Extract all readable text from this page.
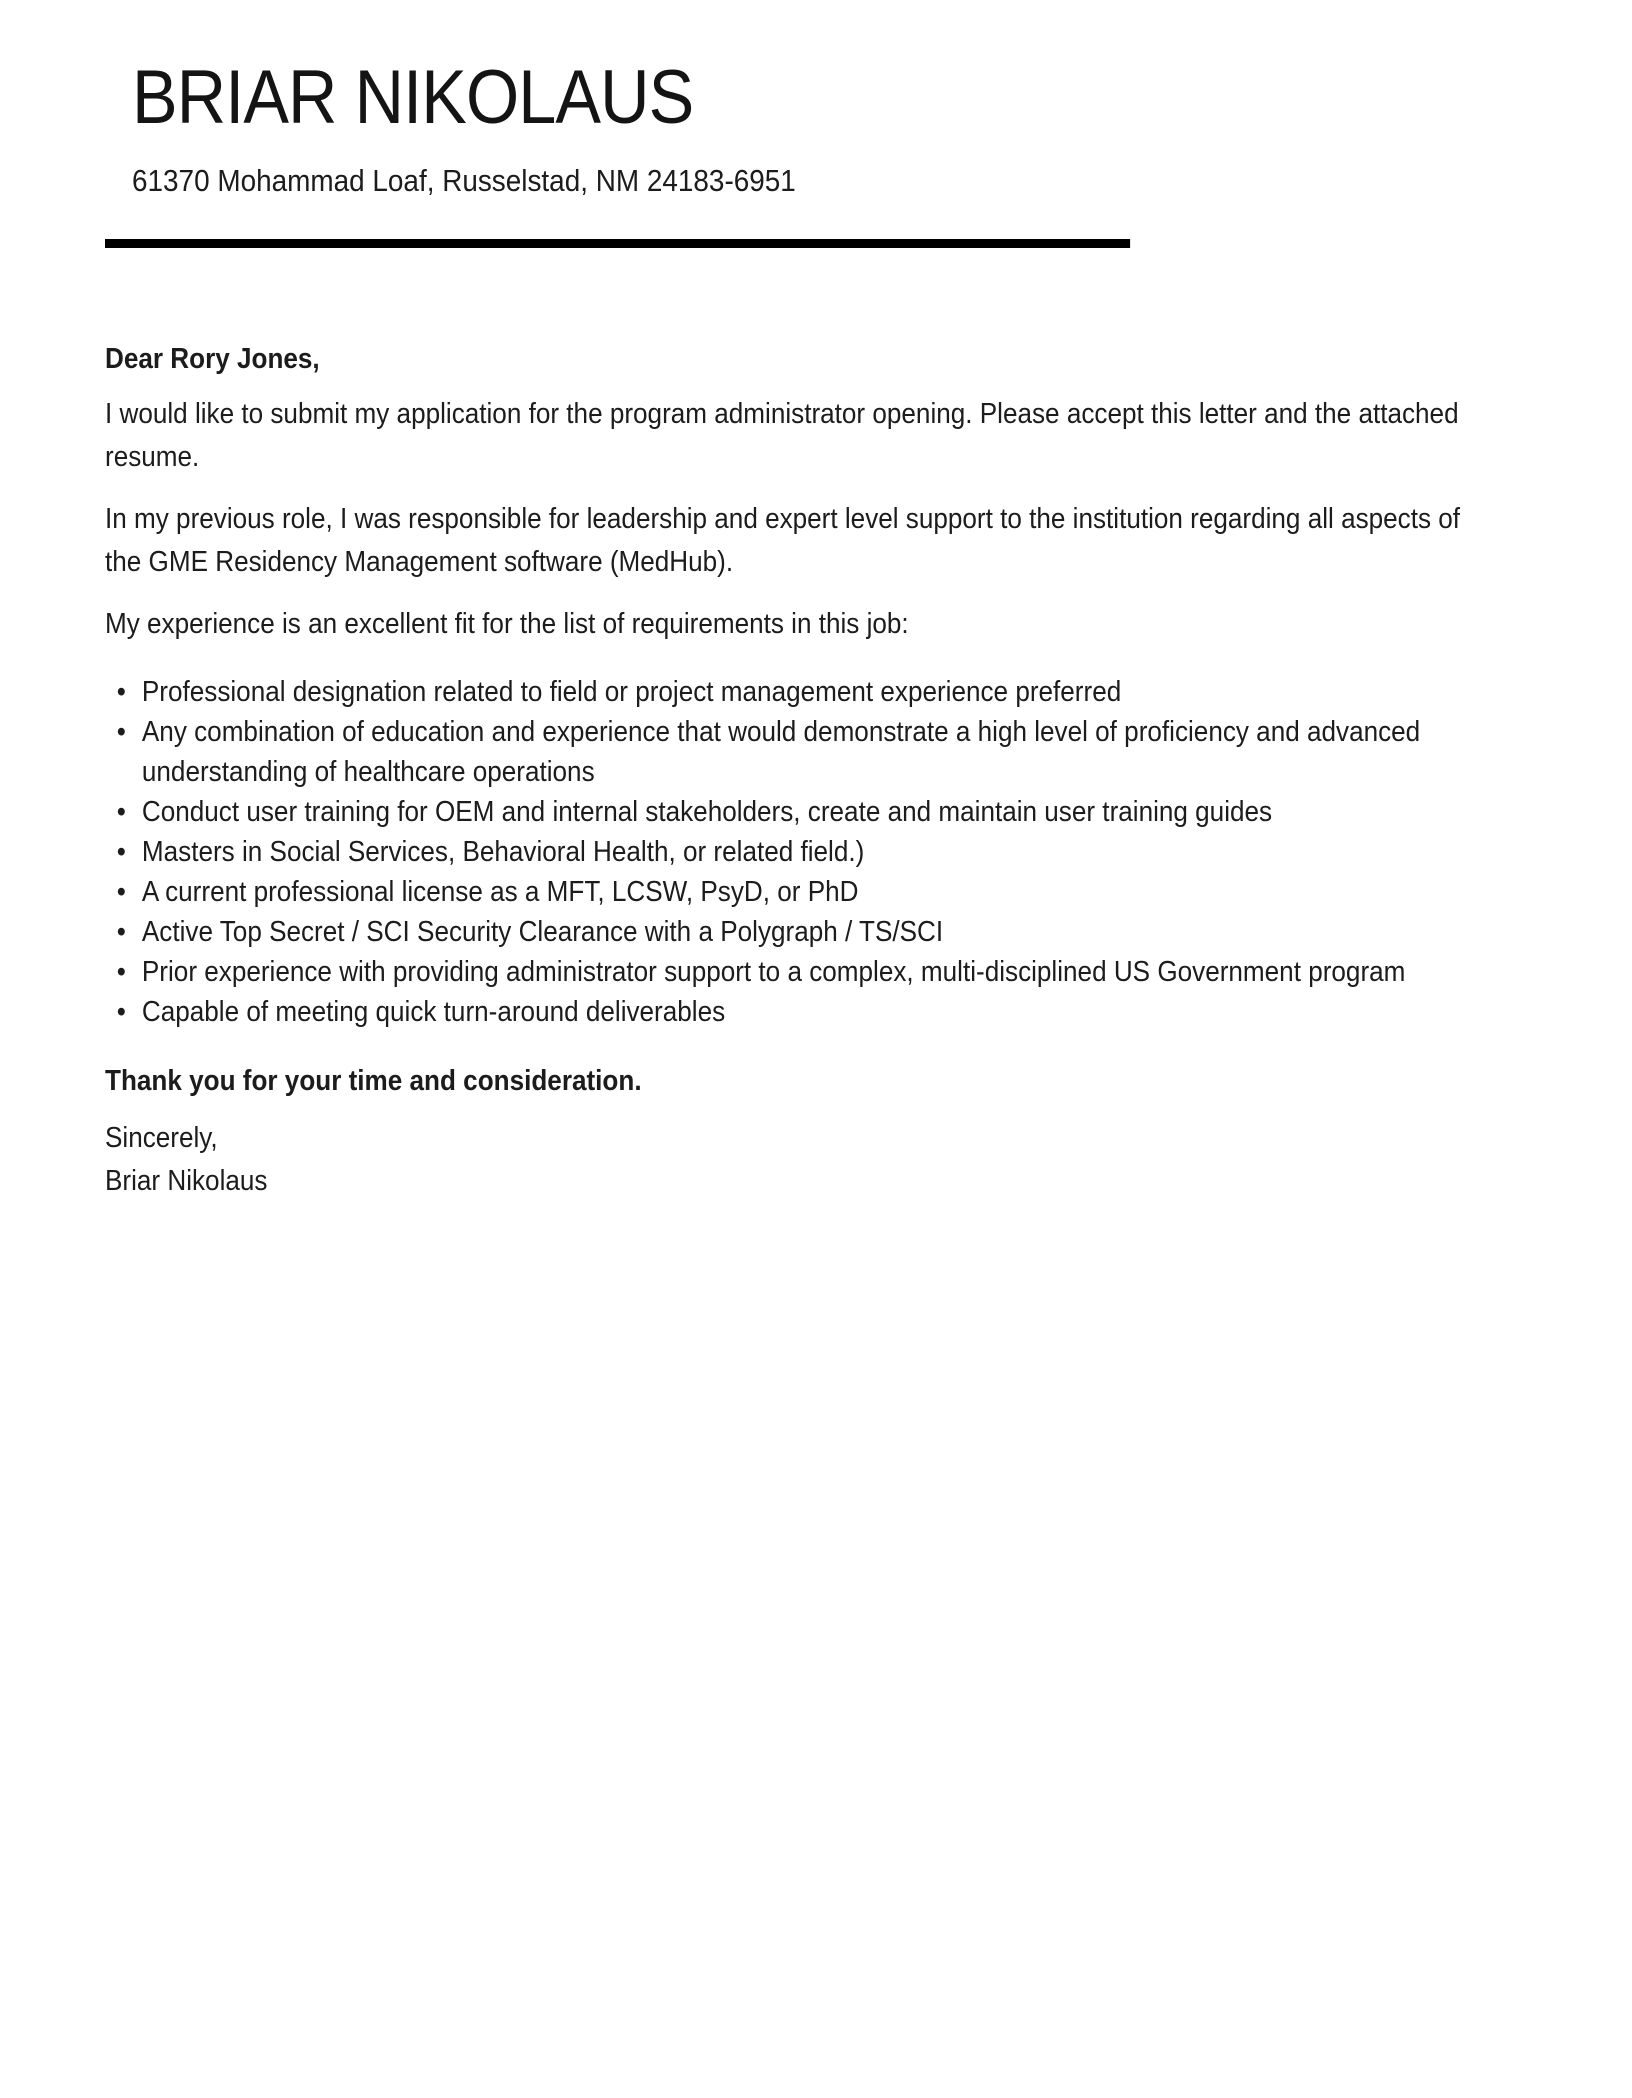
BRIAR NIKOLAUS
61370 Mohammad Loaf, Russelstad, NM 24183-6951

Dear Rory Jones,

I would like to submit my application for the program administrator opening. Please accept this letter and the attached resume.

In my previous role, I was responsible for leadership and expert level support to the institution regarding all aspects of the GME Residency Management software (MedHub).

My experience is an excellent fit for the list of requirements in this job:

• Professional designation related to field or project management experience preferred
• Any combination of education and experience that would demonstrate a high level of proficiency and advanced understanding of healthcare operations
• Conduct user training for OEM and internal stakeholders, create and maintain user training guides
• Masters in Social Services, Behavioral Health, or related field.)
• A current professional license as a MFT, LCSW, PsyD, or PhD
• Active Top Secret / SCI Security Clearance with a Polygraph / TS/SCI
• Prior experience with providing administrator support to a complex, multi-disciplined US Government program
• Capable of meeting quick turn-around deliverables

Thank you for your time and consideration.

Sincerely,
Briar Nikolaus
